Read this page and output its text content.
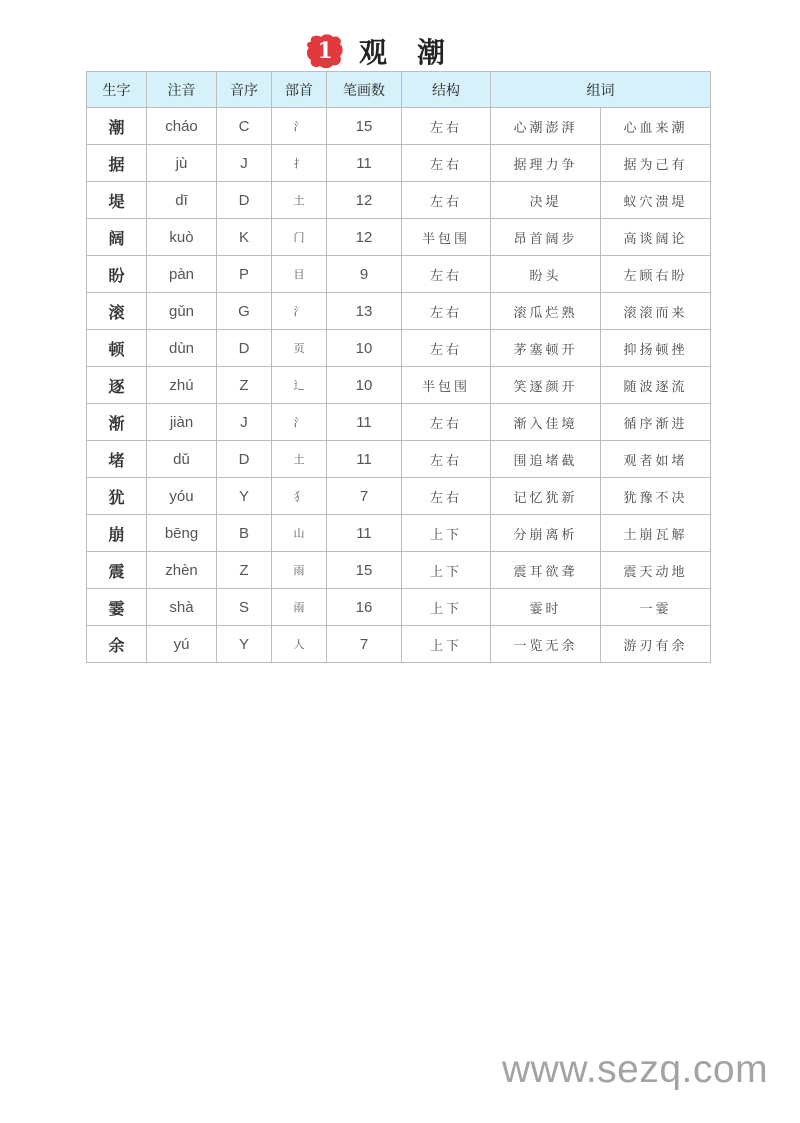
1 观潮
生字	注音	音序	部首	笔画数	结构	组词	
潮	cháo	C	氵	15	左右	心潮澎湃	心血来潮
据	jù	J	扌	11	左右	据理力争	据为己有
堤	dī	D	土	12	左右	决堤	蚁穴溃堤
阔	kuò	K	门	12	半包围	昂首阔步	高谈阔论
盼	pàn	P	目	9	左右	盼头	左顾右盼
滚	gǔn	G	氵	13	左右	滚瓜烂熟	滚滚而来
顿	dùn	D	页	10	左右	茅塞顿开	抑扬顿挫
逐	zhú	Z	辶	10	半包围	笑逐颜开	随波逐流
渐	jiàn	J	氵	11	左右	渐入佳境	循序渐进
堵	dǔ	D	土	11	左右	围追堵截	观者如堵
犹	yóu	Y	犭	7	左右	记忆犹新	犹豫不决
崩	bēng	B	山	11	上下	分崩离析	土崩瓦解
震	zhèn	Z	雨	15	上下	震耳欲聋	震天动地
霎	shà	S	雨	16	上下	霎时	一霎
余	yú	Y	人	7	上下	一览无余	游刃有余
www.sezq.com
